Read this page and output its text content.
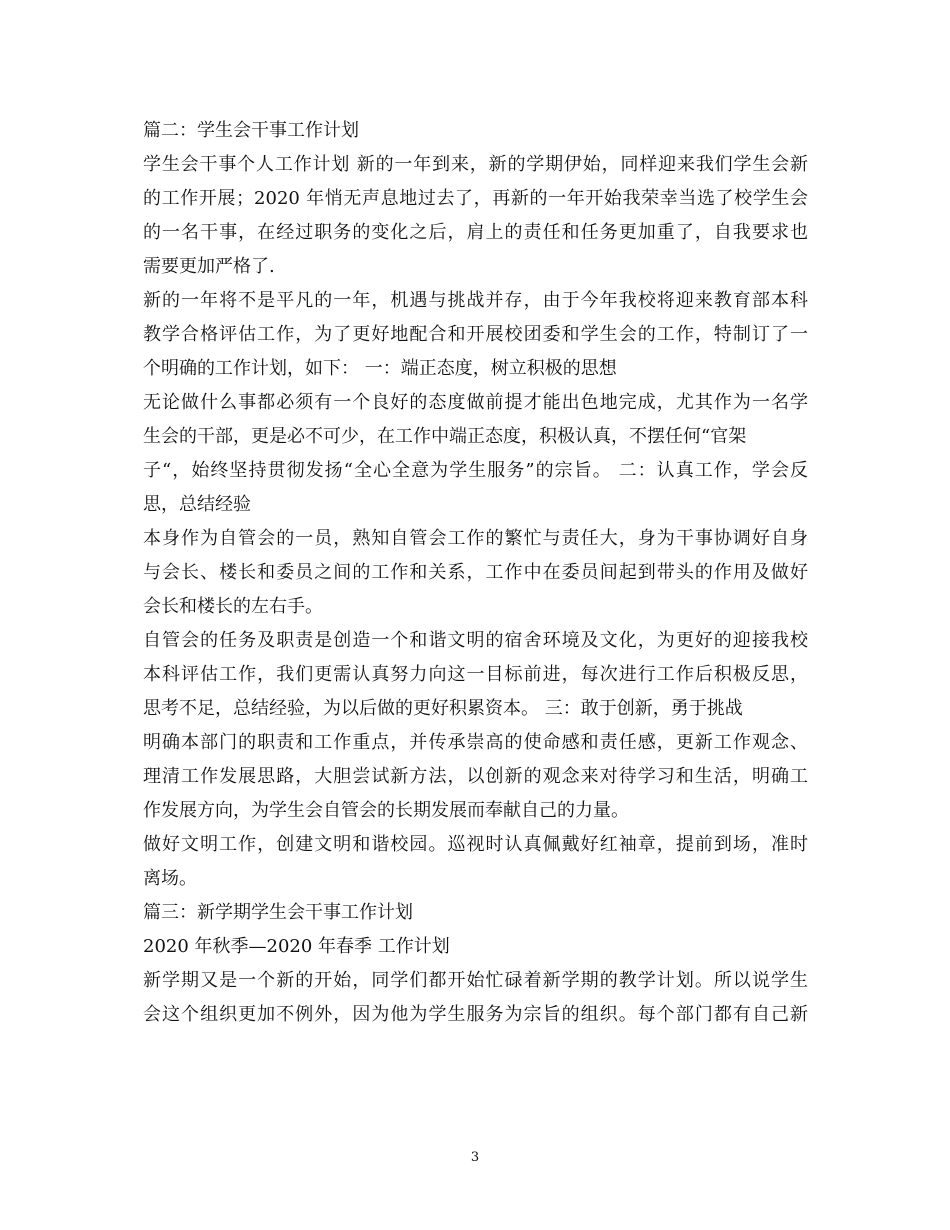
篇二：学生会干事工作计划
学生会干事个人工作计划 新的一年到来，新的学期伊始，同样迎来我们学生会新
的工作开展；2020 年悄无声息地过去了，再新的一年开始我荣幸当选了校学生会
的一名干事，在经过职务的变化之后，肩上的责任和任务更加重了，自我要求也
需要更加严格了.
新的一年将不是平凡的一年，机遇与挑战并存，由于今年我校将迎来教育部本科
教学合格评估工作，为了更好地配合和开展校团委和学生会的工作，特制订了一
个明确的工作计划，如下： 一：端正态度，树立积极的思想
无论做什么事都必须有一个良好的态度做前提才能出色地完成，尤其作为一名学
生会的干部，更是必不可少，在工作中端正态度，积极认真，不摆任何“官架
子“，始终坚持贯彻发扬“全心全意为学生服务”的宗旨。 二：认真工作，学会反
思，总结经验
本身作为自管会的一员，熟知自管会工作的繁忙与责任大，身为干事协调好自身
与会长、楼长和委员之间的工作和关系，工作中在委员间起到带头的作用及做好
会长和楼长的左右手。
自管会的任务及职责是创造一个和谐文明的宿舍环境及文化，为更好的迎接我校
本科评估工作，我们更需认真努力向这一目标前进，每次进行工作后积极反思，
思考不足，总结经验，为以后做的更好积累资本。 三：敢于创新，勇于挑战
明确本部门的职责和工作重点，并传承崇高的使命感和责任感，更新工作观念、
理清工作发展思路，大胆尝试新方法，以创新的观念来对待学习和生活，明确工
作发展方向，为学生会自管会的长期发展而奉献自己的力量。
做好文明工作，创建文明和谐校园。巡视时认真佩戴好红袖章，提前到场，准时
离场。
篇三：新学期学生会干事工作计划
2020 年秋季—2020 年春季 工作计划
新学期又是一个新的开始，同学们都开始忙碌着新学期的教学计划。所以说学生
会这个组织更加不例外，因为他为学生服务为宗旨的组织。每个部门都有自己新
3
